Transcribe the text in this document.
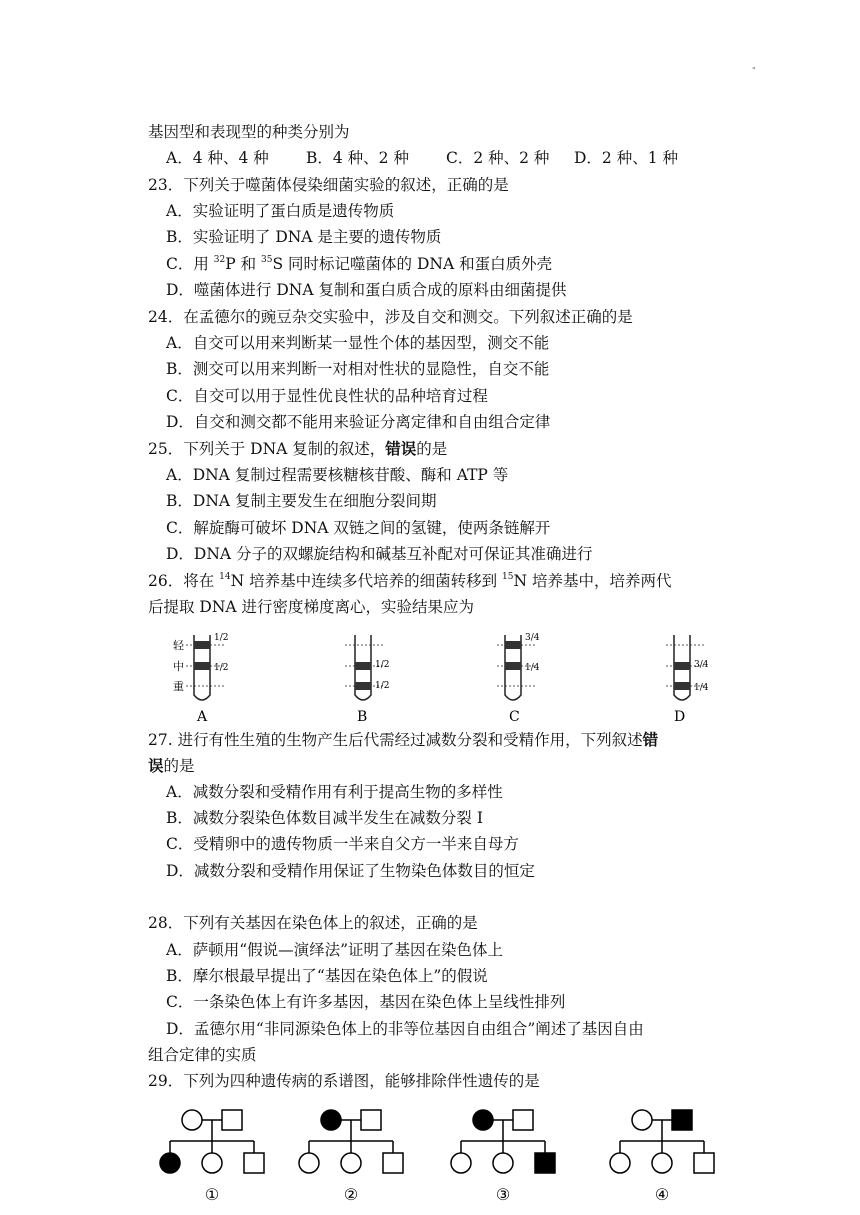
"
基因型和表现型的种类分别为
A．4 种、4 种 B．4 种、2 种 C．2 种、2 种 D．2 种、1 种
23．下列关于噬菌体侵染细菌实验的叙述，正确的是
A．实验证明了蛋白质是遗传物质
B．实验证明了 DNA 是主要的遗传物质
C．用 $^{32}$P 和 $^{35}$S 同时标记噬菌体的 DNA 和蛋白质外壳
D．噬菌体进行 DNA 复制和蛋白质合成的原料由细菌提供
24．在孟德尔的豌豆杂交实验中，涉及自交和测交。下列叙述正确的是
A．自交可以用来判断某一显性个体的基因型，测交不能
B．测交可以用来判断一对相对性状的显隐性，自交不能
C．自交可以用于显性优良性状的品种培育过程
D．自交和测交都不能用来验证分离定律和自由组合定律
25．下列关于 DNA 复制的叙述，错误的是
A．DNA 复制过程需要核糖核苷酸、酶和 ATP 等
B．DNA 复制主要发生在细胞分裂间期
C．解旋酶可破坏 DNA 双链之间的氢键，使两条链解开
D．DNA 分子的双螺旋结构和碱基互补配对可保证其准确进行
26．将在 $^{14}$N 培养基中连续多代培养的细菌转移到 $^{15}$N 培养基中，培养两代
后提取 DNA 进行密度梯度离心，实验结果应为
轻
中
重
1/2
1/2
A
1/2
1/2
B
3/4
1/4
C
3/4
1/4
D
27. 进行有性生殖的生物产生后代需经过减数分裂和受精作用，下列叙述错
误的是
A．减数分裂和受精作用有利于提高生物的多样性
B．减数分裂染色体数目减半发生在减数分裂 I
C．受精卵中的遗传物质一半来自父方一半来自母方
D．减数分裂和受精作用保证了生物染色体数目的恒定
28．下列有关基因在染色体上的叙述，正确的是
A．萨顿用“假说—演绎法”证明了基因在染色体上
B．摩尔根最早提出了“基因在染色体上”的假说
C．一条染色体上有许多基因，基因在染色体上呈线性排列
D．孟德尔用“非同源染色体上的非等位基因自由组合”阐述了基因自由
组合定律的实质
29．下列为四种遗传病的系谱图，能够排除伴性遗传的是
①	②	③	④
